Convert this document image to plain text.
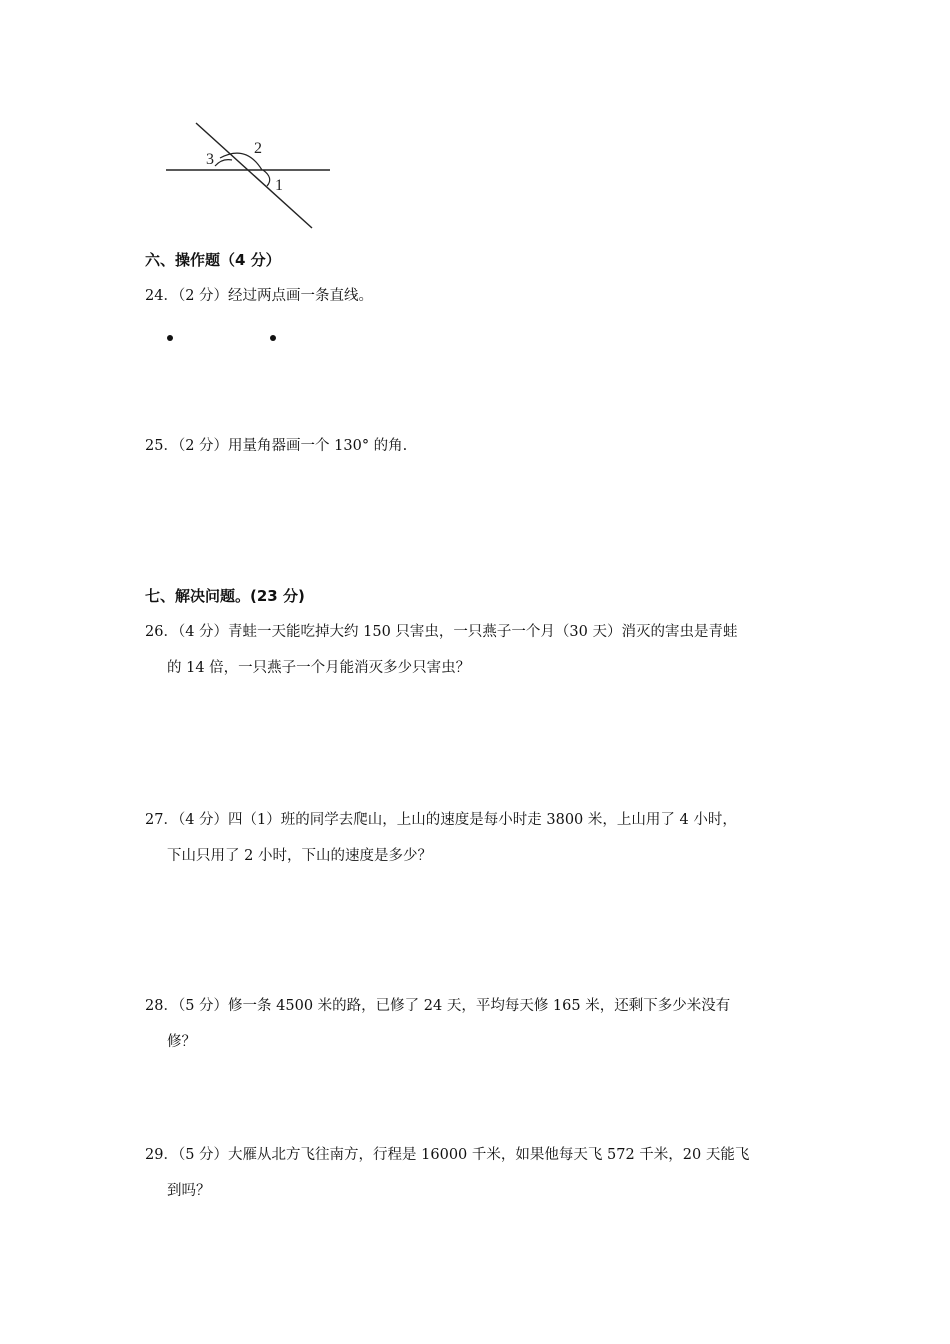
3
2
1
六、操作题（4 分）
24．（2 分）经过两点画一条直线。
25．（2 分）用量角器画一个 130° 的角.
七、解决问题。(23 分)
26．（4 分）青蛙一天能吃掉大约 150 只害虫，一只燕子一个月（30 天）消灭的害虫是青蛙
的 14 倍，一只燕子一个月能消灭多少只害虫？
27．（4 分）四（1）班的同学去爬山，上山的速度是每小时走 3800 米，上山用了 4 小时，
下山只用了 2 小时，下山的速度是多少？
28．（5 分）修一条 4500 米的路，已修了 24 天，平均每天修 165 米，还剩下多少米没有
修？
29．（5 分）大雁从北方飞往南方，行程是 16000 千米，如果他每天飞 572 千米，20 天能飞
到吗？
